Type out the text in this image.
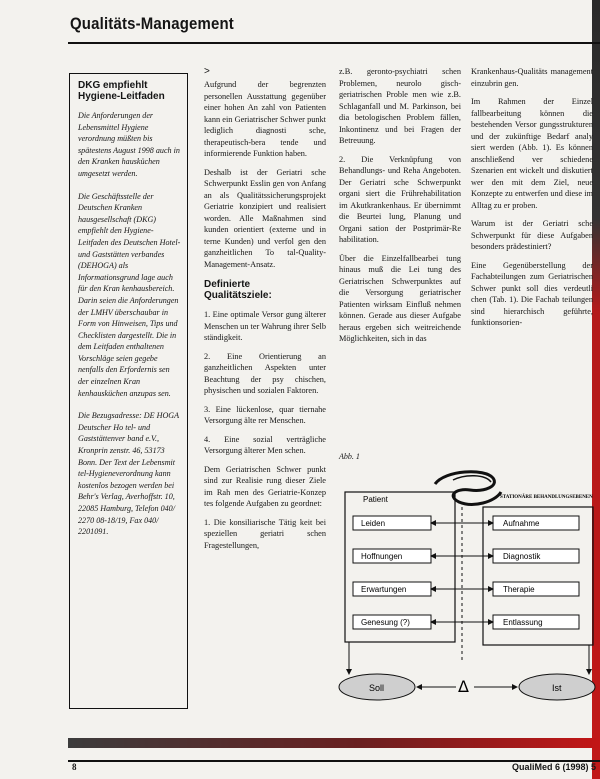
Qualitäts-Management
DKG empfiehlt
Hygiene-Leitfaden

Die Anforderungen der Lebensmittel Hygiene verordnung müßten bis spätestens August 1998 auch in den Kranken hausküchen umgesetzt werden.

Die Geschäftsstelle der Deutschen Kranken hausgesellschaft (DKG) empfiehlt den Hygiene-Leitfaden des Deutschen Hotel- und Gaststätten verbandes (DEHOGA) als Informationsgrund lage auch für den Kran kenhausbereich. Darin seien die Anforderungen der LMHV überschaubar in Form von Hinweisen, Tips und Checklisten dargestellt. Die in dem Leitfaden enthaltenen Vorschläge seien gegebe nenfalls den Erfordernis sen der einzelnen Kran kenhausküchen anzupas sen.

Die Bezugsadresse: DE HOGA Deutscher Ho tel- und Gaststättenver band e.V., Kronprin zenstr. 46, 53173 Bonn. Der Text der Lebensmit tel-Hygieneverordnung kann kostenlos bezogen werden bei Behr's Verlag, Averhoffstr. 10, 22085 Hamburg, Telefon 040/ 2270 08-18/19, Fax 040/ 2201091.

>

Aufgrund der begrenzten personellen Ausstattung gegenüber einer hohen An zahl von Patienten kann ein Geriatrischer Schwer punkt lediglich diagnosti sche, therapeutisch-bera tende und informierende Funktion haben.

Deshalb ist der Geriatri sche Schwerpunkt Esslin gen von Anfang an als Qualitätssicherungsprojekt Geriatrie konzipiert und realisiert worden. Alle Maßnahmen sind kunden orientiert (externe und in terne Kunden) und verfol gen den ganzheitlichen To tal-Quality-Management-Ansatz.

Definierte
Qualitätsziele:

1. Eine optimale Versor gung älterer Menschen un ter Wahrung ihrer Selb ständigkeit.

2. Eine Orientierung an ganzheitlichen Aspekten unter Beachtung der psy chischen, physischen und sozialen Faktoren.

3. Eine lückenlose, quar tiernahe Versorgung älte rer Menschen.

4. Eine sozial verträgliche Versorgung älterer Men schen.

Dem Geriatrischen Schwer punkt sind zur Realisie rung dieser Ziele im Rah men des Geriatrie-Konzep tes folgende Aufgaben zu geordnet:

1. Die konsiliarische Tätig keit bei speziellen geriatri schen Fragestellungen,

z.B. geronto-psychiatri schen Problemen, neurolo gisch-geriatrischen Proble men wie z.B. Schlaganfall und M. Parkinson, bei dia betologischen Problem fällen, Inkontinenz und bei Fragen der Betreuung.

2. Die Verknüpfung von Behandlungs- und Reha Angeboten. Der Geriatri sche Schwerpunkt organi siert die Frührehabilitation im Akutkrankenhaus. Er übernimmt die Beurtei lung, Planung und Organi sation der Postprimär-Re habilitation.

Über die Einzelfallbearbei tung hinaus muß die Lei tung des Geriatrischen Schwerpunktes auf die Versorgung geriatrischer Patienten wirksam Einfluß nehmen können. Gerade aus dieser Aufgabe heraus ergeben sich weitreichende Möglichkeiten, sich in das

Krankenhaus-Qualitäts management einzubrin gen.

Im Rahmen der Einzel fallbearbeitung können die bestehenden Versor gungsstrukturen und der zukünftige Bedarf analy siert werden (Abb. 1). Es können anschließend ver schiedene Szenarien ent wickelt und diskutiert wer den mit dem Ziel, neue Konzepte zu entwerfen und diese im Alltag zu er proben.

Warum ist der Geriatri sche Schwerpunkt für diese Aufgaben besonders prädestiniert?

Eine Gegenüberstellung der Fachabteilungen zum Geriatrischen Schwer punkt soll dies verdeutli chen (Tab. 1). Die Fachab teilungen sind hierarchisch geführte, funktionsorien-

Abb. 1
Patient	STATIONÄRE BEHANDLUNGSEBENEN
Leiden
Hoffnungen
Erwartungen
Genesung (?)
Aufnahme
Diagnostik
Therapie
Entlassung
Soll	Ist
Δ
8	QualiMed 6 (1998) 5
